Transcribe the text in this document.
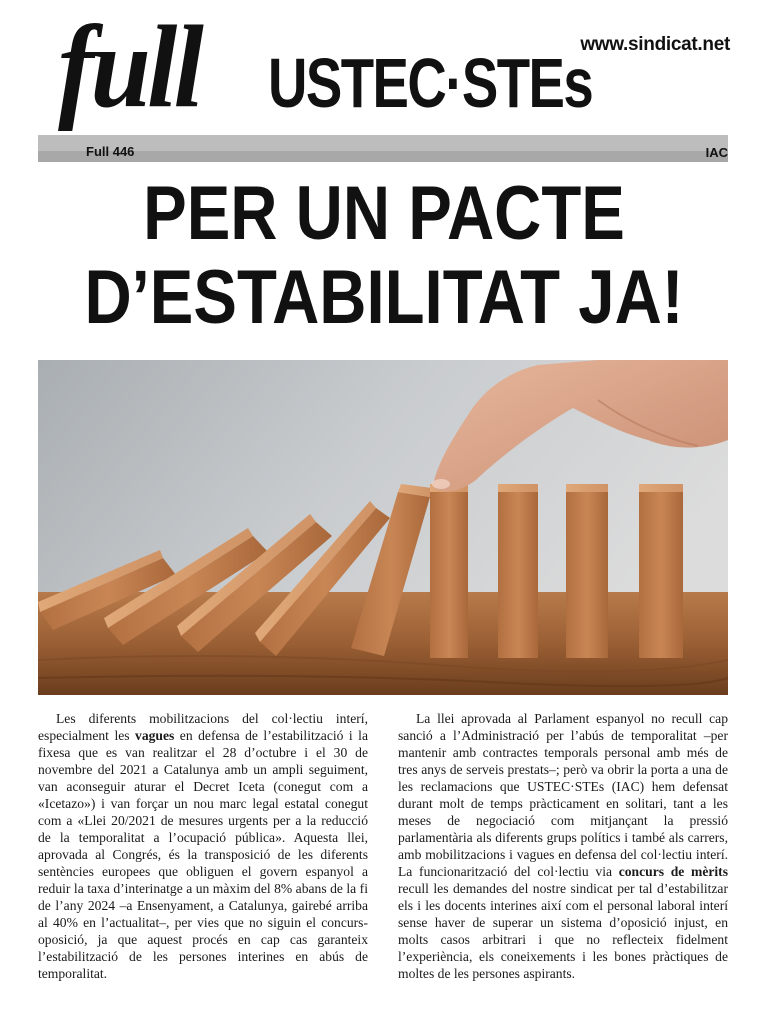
full USTEC·STEs
www.sindicat.net
Full 446	IAC
PER UN PACTE
D’ESTABILITAT JA!

Les diferents mobilitzacions del col·lectiu interí, especialment les vagues en defensa de l’estabilització i la fixesa que es van realitzar el 28 d’octubre i el 30 de novembre del 2021 a Catalunya amb un ampli seguiment, van aconseguir aturar el Decret Iceta (conegut com a «Icetazo») i van forçar un nou marc legal estatal conegut com a «Llei 20/2021 de mesures urgents per a la reducció de la temporalitat a l’ocupació pública». Aquesta llei, aprovada al Congrés, és la transposició de les diferents sentències europees que obliguen el govern espanyol a reduir la taxa d’interinatge a un màxim del 8% abans de la fi de l’any 2024 –a Ensenyament, a Catalunya, gairebé arriba al 40% en l’actualitat–, per vies que no siguin el concurs-oposició, ja que aquest procés en cap cas garanteix l’estabilització de les persones interines en abús de temporalitat.

La llei aprovada al Parlament espanyol no recull cap sanció a l’Administració per l’abús de temporalitat –per mantenir amb contractes temporals personal amb més de tres anys de serveis prestats–; però va obrir la porta a una de les reclamacions que USTEC·STEs (IAC) hem defensat durant molt de temps pràcticament en solitari, tant a les meses de negociació com mitjançant la pressió parlamentària als diferents grups polítics i també als carrers, amb mobilitzacions i vagues en defensa del col·lectiu interí. La funcionarització del col·lectiu via concurs de mèrits recull les demandes del nostre sindicat per tal d’estabilitzar els i les docents interines així com el personal laboral interí sense haver de superar un sistema d’oposició injust, en molts casos arbitrari i que no reflecteix fidelment l’experiència, els coneixements i les bones pràctiques de moltes de les persones aspirants.
